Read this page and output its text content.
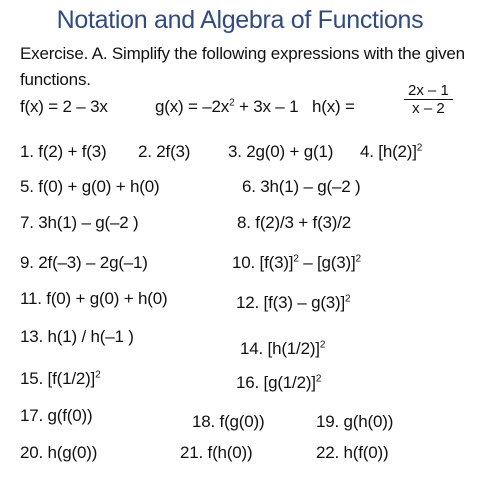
Notation and Algebra of Functions
Exercise. A. Simplify the following expressions with the given
functions.
f(x) = 2 – 3x	$g(x) = -2x^2 + 3x - 1$ h(x) =	$\frac{2x - 1}{x - 2}$
1. f(2) + f(3) 2. 2f(3) 3. 2g(0) + g(1) 4. $[h(2)]^2$
5. f(0) + g(0) + h(0)	6. 3h(1) – g(–2 )
7. 3h(1) – g(–2 )	8. f(2)/3 + f(3)/2
9. 2f(–3) – 2g(–1)	10. $[f(3)]^2 - [g(3)]^2$
11. f(0) + g(0) + h(0)	12. [f(3) – g(3)]$^2$
13. h(1) / h(–1 )
14. $[h(1/2)]^2$
15. $[f(1/2)]^2$	16. $[g(1/2)]^2$
17. g(f(0))	18. f(g(0))	19. g(h(0))
20. h(g(0))	21. f(h(0))	22. h(f(0))
